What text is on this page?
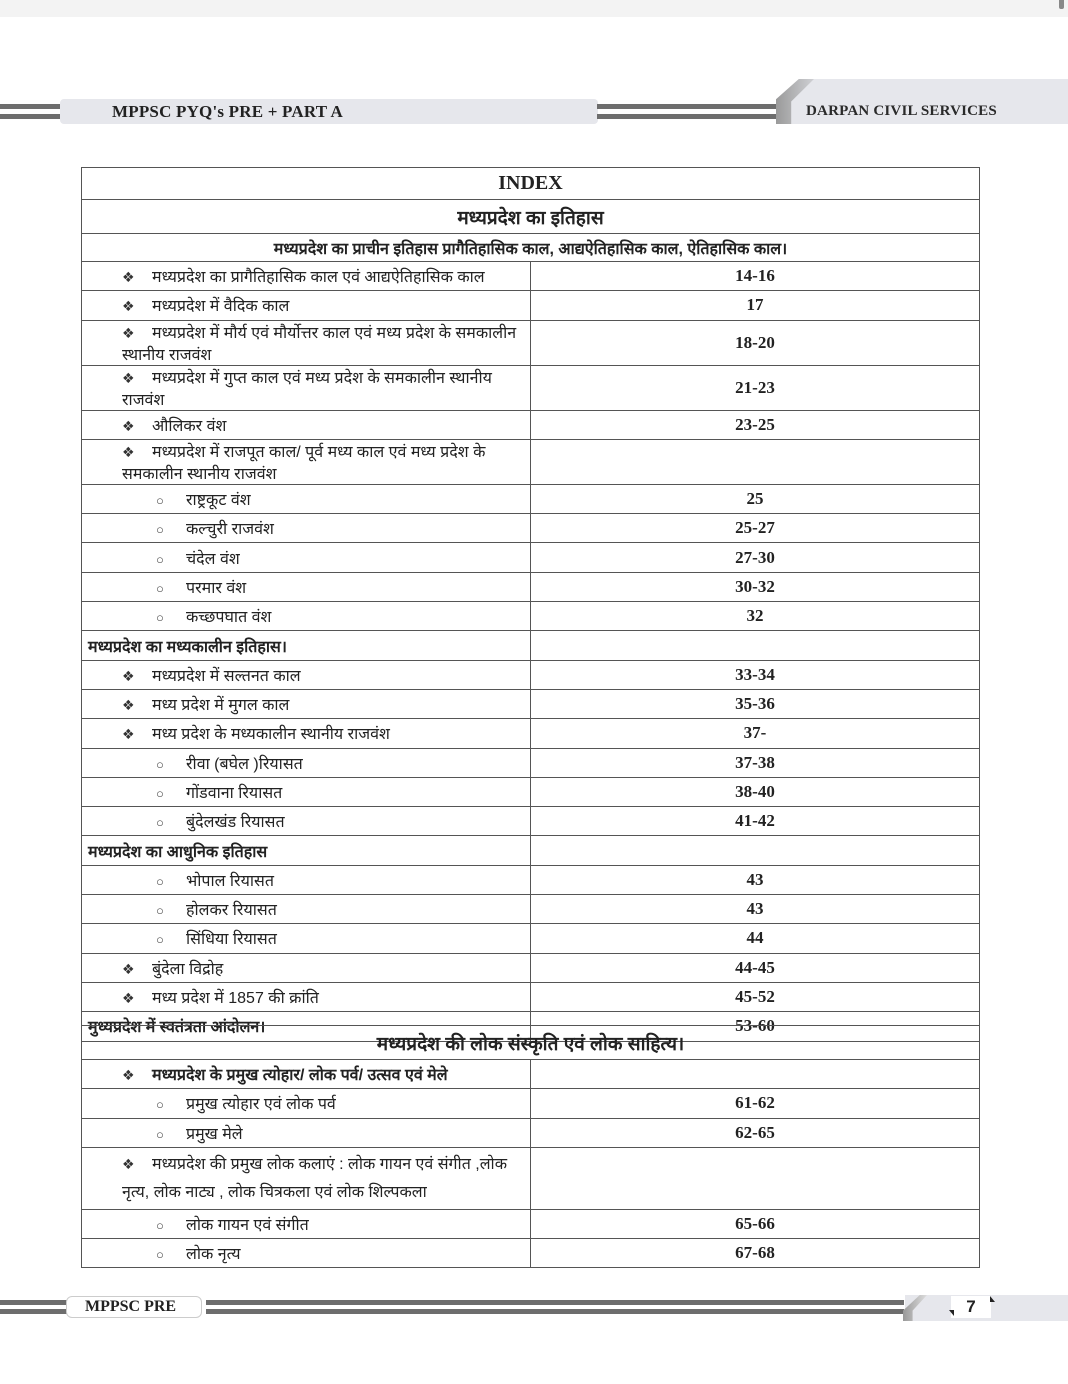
MPPSC PYQ's PRE + PART A	DARPAN CIVIL SERVICES
INDEX	
मध्यप्रदेश का इतिहास	
मध्यप्रदेश का प्राचीन इतिहास प्रागैतिहासिक काल, आद्यऐतिहासिक काल, ऐतिहासिक काल।	
❖ मध्यप्रदेश का प्रागैतिहासिक काल एवं आद्यऐतिहासिक काल	14-16
❖ मध्यप्रदेश में वैदिक काल	17
❖ मध्यप्रदेश में मौर्य एवं मौर्योत्तर काल एवं मध्य प्रदेश के समकालीन स्थानीय राजवंश	18-20
❖ मध्यप्रदेश में गुप्त काल एवं मध्य प्रदेश के समकालीन स्थानीय राजवंश	21-23
❖ औलिकर वंश	23-25
❖ मध्यप्रदेश में राजपूत काल/ पूर्व मध्य काल एवं मध्य प्रदेश के समकालीन स्थानीय राजवंश	
○ राष्ट्रकूट वंश	25
○ कल्चुरी राजवंश	25-27
○ चंदेल वंश	27-30
○ परमार वंश	30-32
○ कच्छपघात वंश	32
मध्यप्रदेश का मध्यकालीन इतिहास।	
❖ मध्यप्रदेश में सल्तनत काल	33-34
❖ मध्य प्रदेश में मुगल काल	35-36
❖ मध्य प्रदेश के मध्यकालीन स्थानीय राजवंश	37-
○ रीवा (बघेल )रियासत	37-38
○ गोंडवाना रियासत	38-40
○ बुंदेलखंड रियासत	41-42
मध्यप्रदेश का आधुनिक इतिहास	
○ भोपाल रियासत	43
○ होलकर रियासत	43
○ सिंधिया रियासत	44
❖ बुंदेला विद्रोह	44-45
❖ मध्य प्रदेश में 1857 की क्रांति	45-52
मुध्यप्रदेश में स्वतंत्रता आंदोलन।	53-60
मध्यप्रदेश की लोक संस्कृति एवं लोक साहित्य।	
❖ मध्यप्रदेश के प्रमुख त्योहार/ लोक पर्व/ उत्सव एवं मेले	
○ प्रमुख त्योहार एवं लोक पर्व	61-62
○ प्रमुख मेले	62-65
❖ मध्यप्रदेश की प्रमुख लोक कलाएं : लोक गायन एवं संगीत ,लोक नृत्य, लोक नाट्य , लोक चित्रकला एवं लोक शिल्पकला	
○ लोक गायन एवं संगीत	65-66
○ लोक नृत्य	67-68
MPPSC PRE	7
